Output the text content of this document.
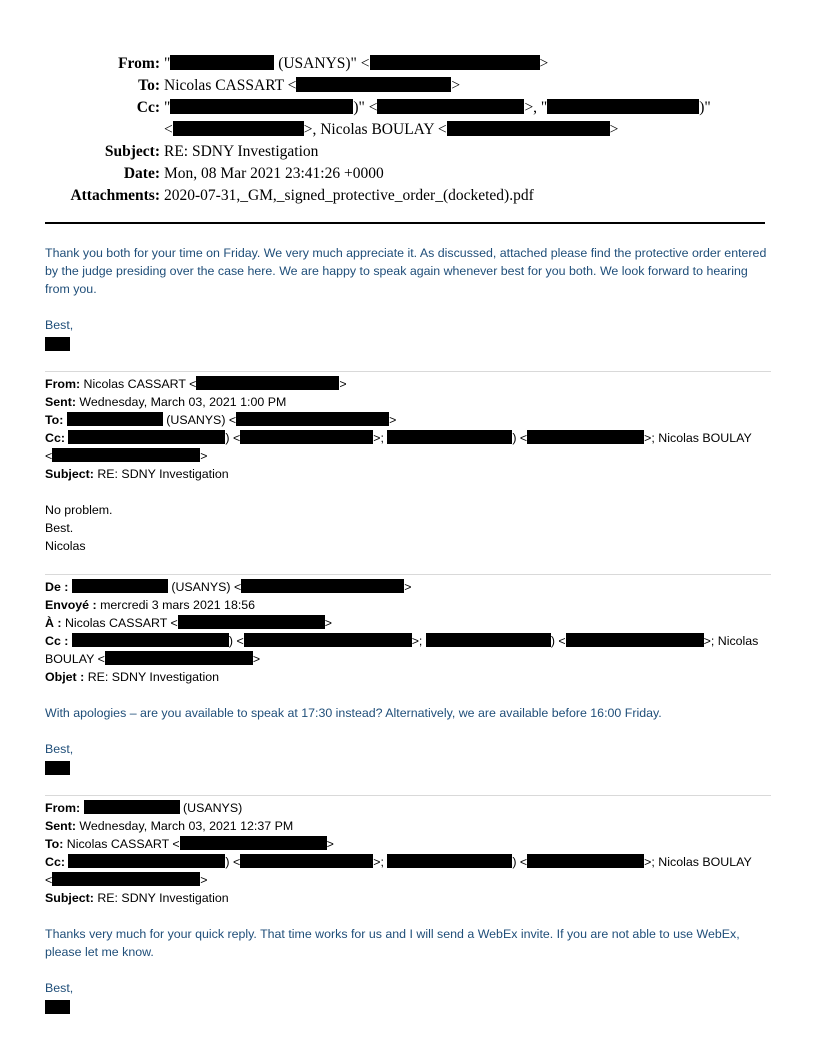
From: "	(USANYS)" <	>
To: Nicolas CASSART <	>
Cc: "	)" <	>, "	)"
<	>, Nicolas BOULAY <	>
Subject: RE: SDNY Investigation
Date: Mon, 08 Mar 2021 23:41:26 +0000
Attachments: 2020-07-31,_GM,_signed_protective_order_(docketed).pdf

Thank you both for your time on Friday. We very much appreciate it. As discussed, attached please find the protective order entered by the judge presiding over the case here. We are happy to speak again whenever best for you both. We look forward to hearing from you.

Best,

From: Nicolas CASSART <	>
Sent: Wednesday, March 03, 2021 1:00 PM
To:	(USANYS) <	>
Cc:	) <	>;	) <	>; Nicolas BOULAY
<	>
Subject: RE: SDNY Investigation

No problem.

Best.

Nicolas

De :	(USANYS) <	>
Envoyé : mercredi 3 mars 2021 18:56
À : Nicolas CASSART <	>
Cc :	) <	>;	) <	>; Nicolas
BOULAY <	>
Objet : RE: SDNY Investigation

With apologies – are you available to speak at 17:30 instead? Alternatively, we are available before 16:00 Friday.

Best,

From:	(USANYS)
Sent: Wednesday, March 03, 2021 12:37 PM
To: Nicolas CASSART <	>
Cc:	) <	>;	) <	>; Nicolas BOULAY
<	>
Subject: RE: SDNY Investigation

Thanks very much for your quick reply. That time works for us and I will send a WebEx invite. If you are not able to use WebEx, please let me know.

Best,
